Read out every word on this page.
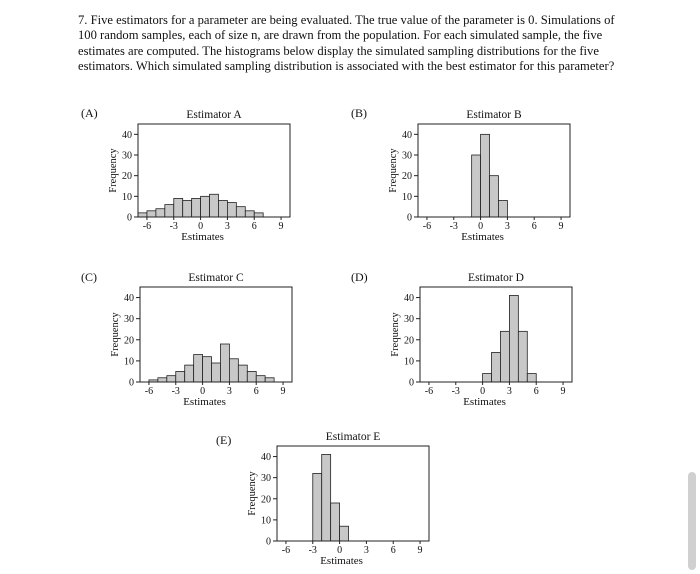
7. Five estimators for a parameter are being evaluated. The true value of the parameter is 0. Simulations of 100 random samples, each of size n, are drawn from the population. For each simulated sample, the five estimates are computed. The histograms below display the simulated sampling distributions for the five estimators. Which simulated sampling distribution is associated with the best estimator for this parameter?

(A)	(B)
(C)	(D)
(E)
Estimator A
0
10
20
30
40
-6 -3 0 3 6 9
Estimates
Frequency
Estimator B
0
10
20
30
40
-6 -3 0 3 6 9
Estimates
Frequency
Estimator C
0
10
20
30
40
-6 -3 0 3 6 9
Estimates
Frequency
Estimator D
0
10
20
30
40
-6 -3 0 3 6 9
Estimates
Frequency
Estimator E
0
10
20
30
40
-6 -3 0 3 6 9
Estimates
Frequency
